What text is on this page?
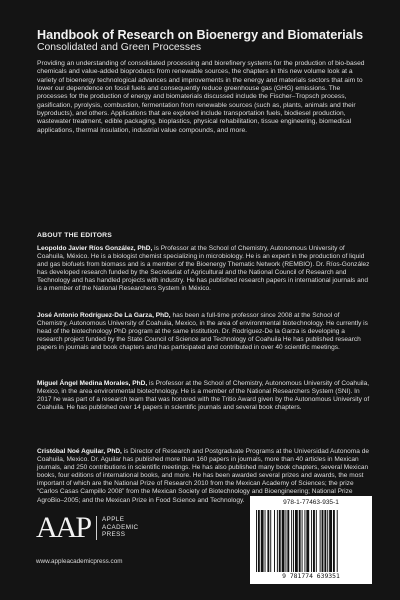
Handbook of Research on Bioenergy and Biomaterials
Consolidated and Green Processes
Providing an understanding of consolidated processing and biorefinery systems for the production of bio-based chemicals and value-added bioproducts from renewable sources, the chapters in this new volume look at a variety of bioenergy technological advances and improvements in the energy and materials sectors that aim to lower our dependence on fossil fuels and consequently reduce greenhouse gas (GHG) emissions. The processes for the production of energy and biomaterials discussed include the Fischer–Tropsch process, gasification, pyrolysis, combustion, fermentation from renewable sources (such as, plants, animals and their byproducts), and others. Applications that are explored include transportation fuels, biodiesel production, wastewater treatment, edible packaging, bioplastics, physical rehabilitation, tissue engineering, biomedical applications, thermal insulation, industrial value compounds, and more.
ABOUT THE EDITORS
Leopoldo Javier Ríos González, PhD, is Professor at the School of Chemistry, Autonomous University of Coahuila, México. He is a biologist chemist specializing in microbiology. He is an expert in the production of liquid and gas biofuels from biomass and is a member of the Bioenergy Thematic Network (REMBIO). Dr. Ríos-González has developed research funded by the Secretariat of Agricultural and the National Council of Research and Technology and has handled projects with industry. He has published research papers in international journals and is a member of the National Researchers System in México.
José Antonio Rodríguez-De La Garza, PhD, has been a full-time professor since 2008 at the School of Chemistry, Autonomous University of Coahuila, Mexico, in the area of environmental biotechnology. He currently is head of the biotechnology PhD program at the same institution. Dr. Rodríguez-De la Garza is developing a research project funded by the State Council of Science and Technology of Coahuila He has published research papers in journals and book chapters and has participated and contributed in over 40 scientific meetings.
Miguel Ángel Medina Morales, PhD, is Professor at the School of Chemistry, Autonomous University of Coahuila, Mexico, in the area environmental biotechnology. He is a member of the National Researchers System (SNI). In 2017 he was part of a research team that was honored with the Tritio Award given by the Autonomous University of Coahuila. He has published over 14 papers in scientific journals and several book chapters.
Cristóbal Noé Aguilar, PhD, is Director of Research and Postgraduate Programs at the Universidad Autonoma de Coahuila, Mexico. Dr. Aguilar has published more than 160 papers in journals, more than 40 articles in Mexican journals, and 250 contributions in scientific meetings. He has also published many book chapters, several Mexican books, four editions of international books, and more. He has been awarded several prizes and awards, the most important of which are the National Prize of Research 2010 from the Mexican Academy of Sciences; the prize “Carlos Casas Campillo 2008” from the Mexican Society of Biotechnology and Bioengineering; National Prize AgroBio–2005; and the Mexican Prize in Food Science and Technology.
AAP APPLE
ACADEMIC
PRESS
www.appleacademicpress.com
978-1-77463-935-1
9 781774 639351
